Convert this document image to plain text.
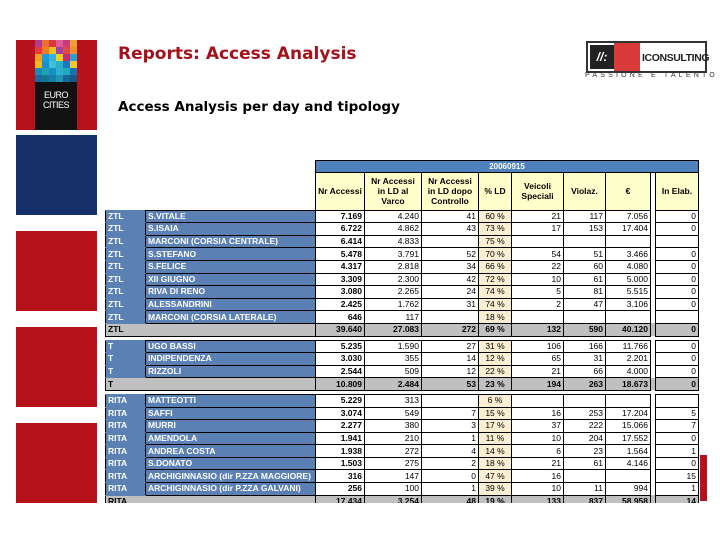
EURO
CITIES
Reports: Access Analysis
Access Analysis per day and tipology
//:	ICONSULTING
PASSIONE E TALENTO
		20060915								
		Nr Accessi	Nr Accessi in LD al Varco	Nr Accessi in LD dopo Controllo	% LD	Veicoli Speciali	Violaz.	€		In Elab.
ZTL	S.VITALE	7.169	4.240	41	60 %	21	117	7.056		0
ZTL	S.ISAIA	6.722	4.862	43	73 %	17	153	17.404		0
ZTL	MARCONI (CORSIA CENTRALE)	6.414	4.833		75 %					
ZTL	S.STEFANO	5.478	3.791	52	70 %	54	51	3.466		0
ZTL	S.FELICE	4.317	2.818	34	66 %	22	60	4.080		0
ZTL	XII GIUGNO	3.309	2.300	42	72 %	10	61	5.000		0
ZTL	RIVA DI RENO	3.080	2.265	24	74 %	5	81	5.515		0
ZTL	ALESSANDRINI	2.425	1.762	31	74 %	2	47	3.106		0
ZTL	MARCONI (CORSIA LATERALE)	646	117		18 %					
ZTL		39.640	27.083	272	69 %	132	590	40.120		0

T	UGO BASSI	5.235	1.590	27	31 %	106	166	11.766		0
T	INDIPENDENZA	3.030	355	14	12 %	65	31	2.201		0
T	RIZZOLI	2.544	509	12	22 %	21	66	4.000		0
T		10.809	2.484	53	23 %	194	263	18.673		0

RITA	MATTEOTTI	5.229	313		6 %					
RITA	SAFFI	3.074	549	7	15 %	16	253	17.204		5
RITA	MURRI	2.277	380	3	17 %	37	222	15.066		7
RITA	AMENDOLA	1.941	210	1	11 %	10	204	17.552		0
RITA	ANDREA COSTA	1.938	272	4	14 %	6	23	1.564		1
RITA	S.DONATO	1.503	275	2	18 %	21	61	4.146		0
RITA	ARCHIGINNASIO (dir P.ZZA MAGGIORE)	316	147	0	47 %	16				15
RITA	ARCHIGINNASIO (dir P.ZZA GALVANI)	256	100	1	39 %	10	11	994		1
RITA		17.434	3.254	48	19 %	133	837	58.958		14
